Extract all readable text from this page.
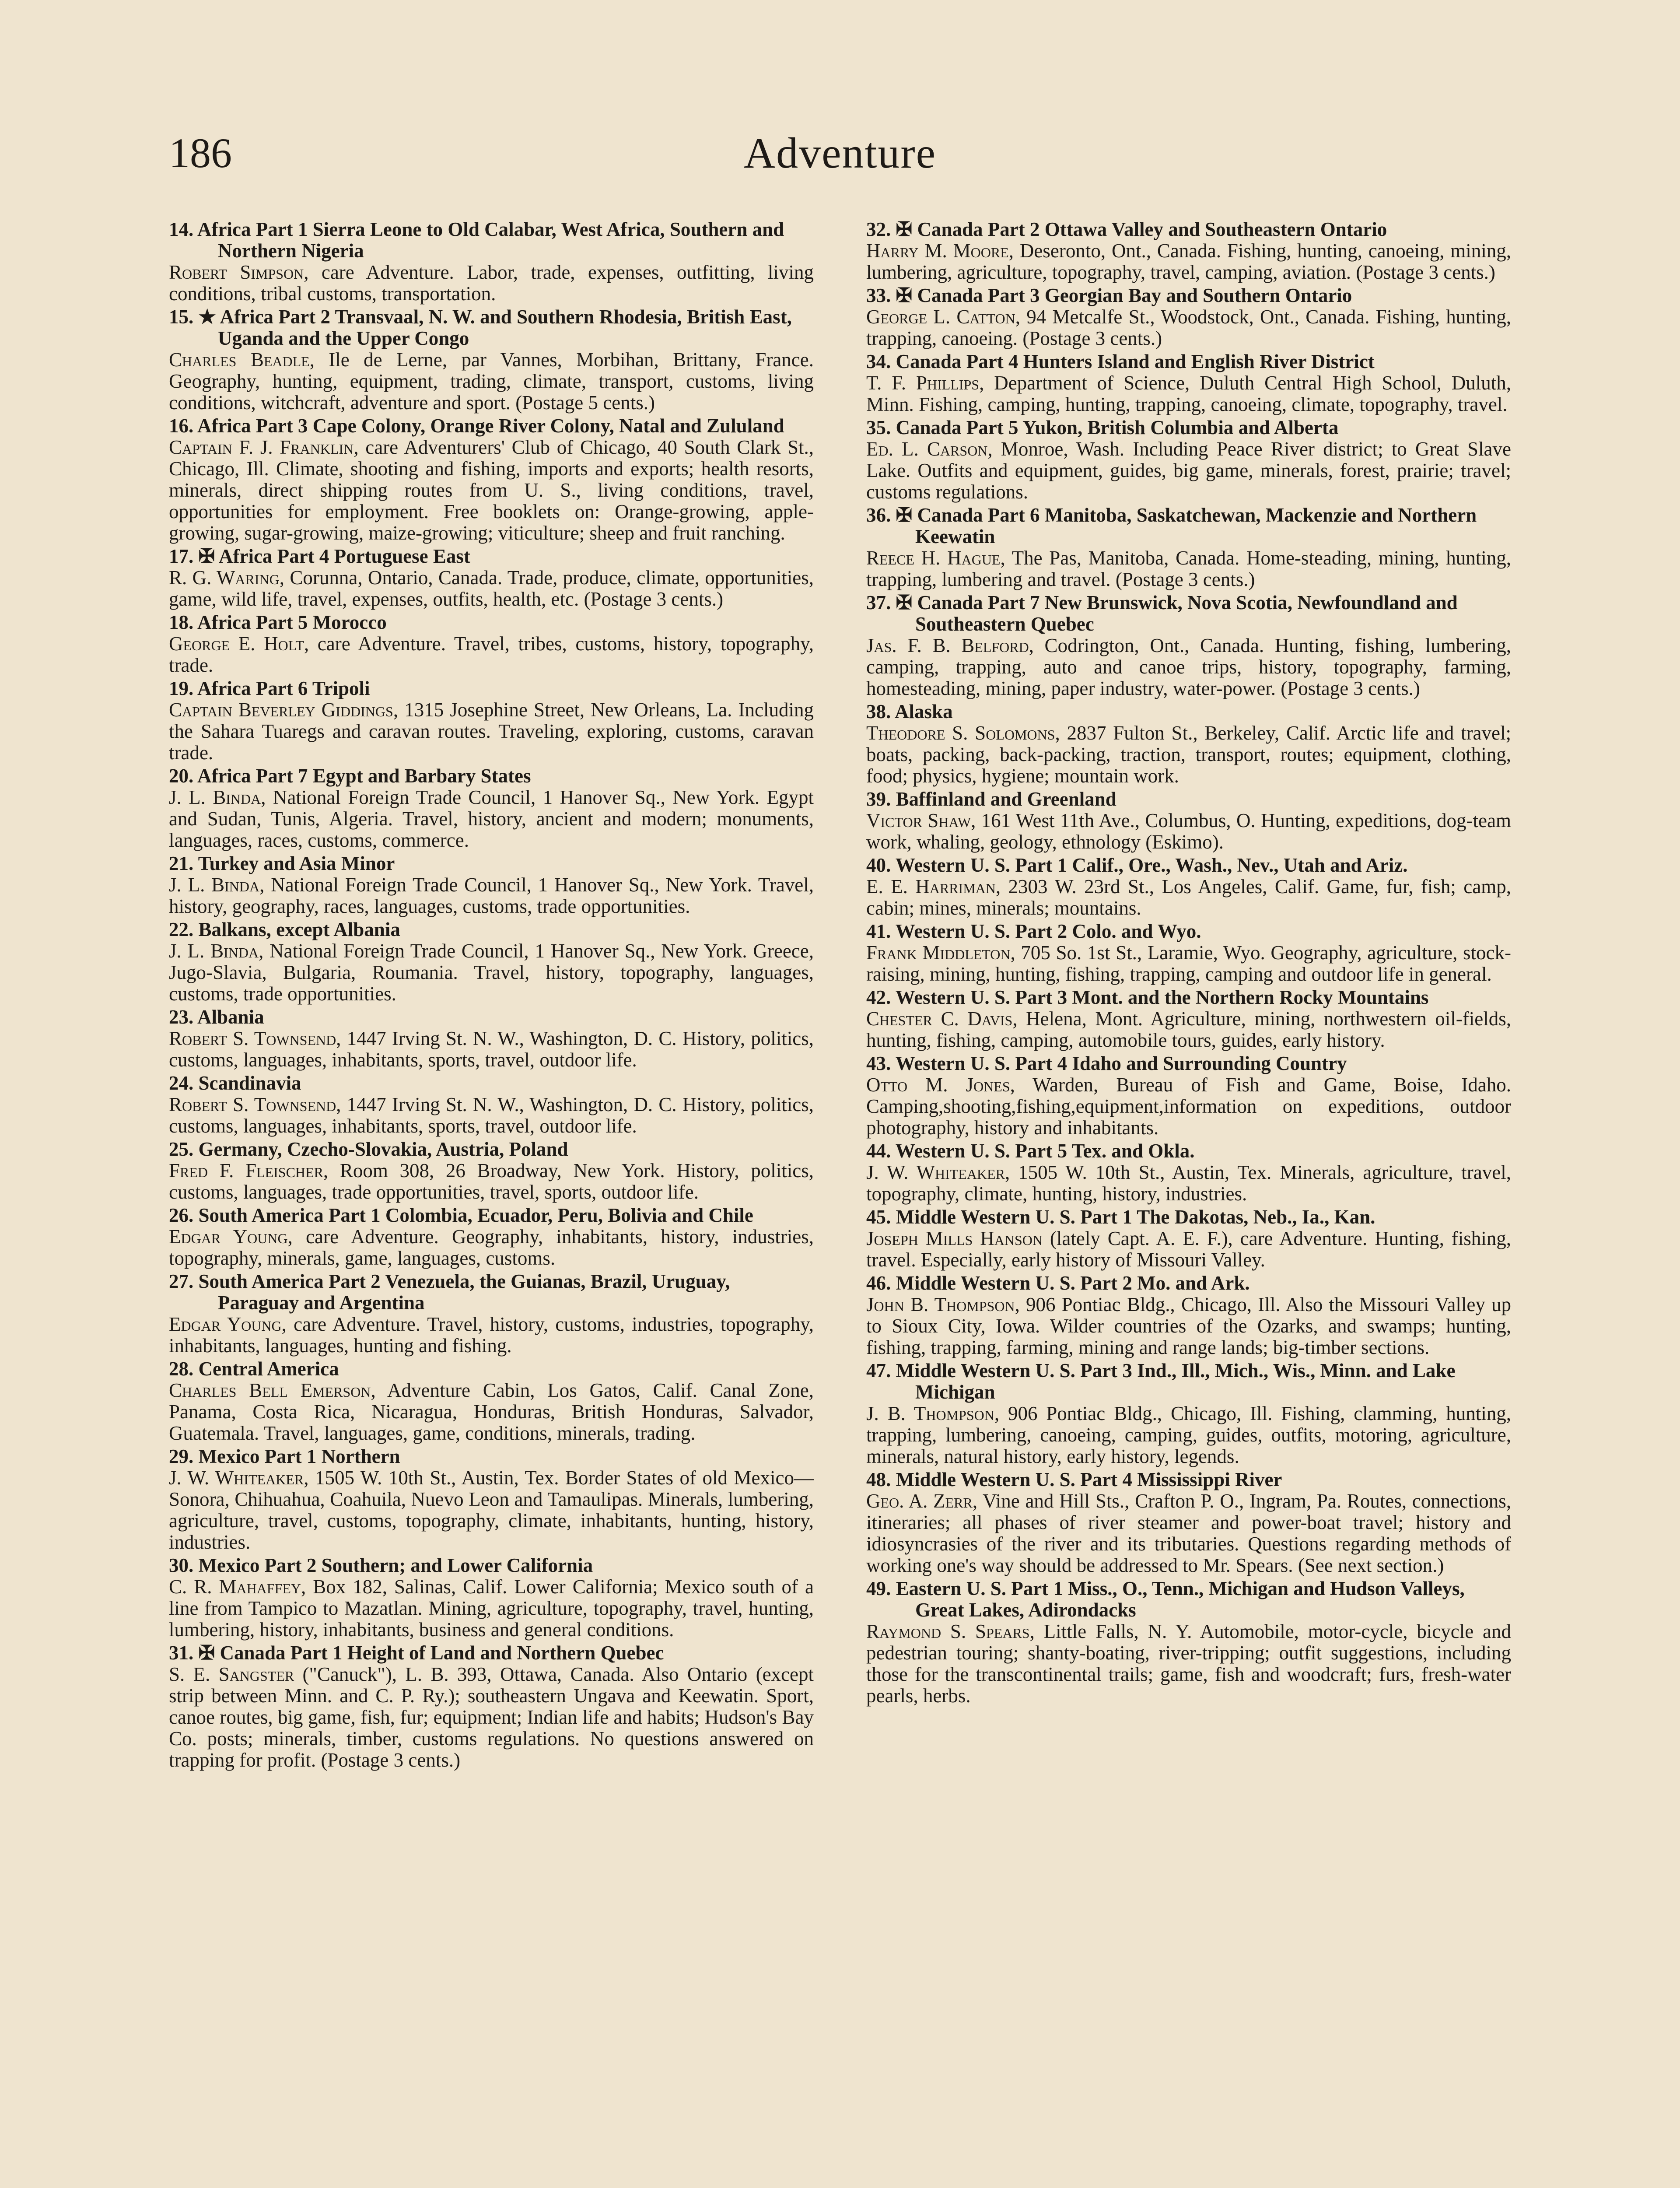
186	Adventure
14. Africa Part 1 Sierra Leone to Old Calabar, West Africa, Southern and Northern Nigeria
Robert Simpson, care Adventure. Labor, trade, expenses, outfitting, living conditions, tribal customs, transportation.
15. ★ Africa Part 2 Transvaal, N. W. and Southern Rhodesia, British East, Uganda and the Upper Congo
Charles Beadle, Ile de Lerne, par Vannes, Morbihan, Brittany, France. Geography, hunting, equipment, trading, climate, transport, customs, living conditions, witchcraft, adventure and sport. (Postage 5 cents.)
16. Africa Part 3 Cape Colony, Orange River Colony, Natal and Zululand
Captain F. J. Franklin, care Adventurers' Club of Chicago, 40 South Clark St., Chicago, Ill. Climate, shooting and fishing, imports and exports; health resorts, minerals, direct shipping routes from U. S., living conditions, travel, opportunities for employment. Free booklets on: Orange-growing, apple-growing, sugar-growing, maize-growing; viticulture; sheep and fruit ranching.
17. ✠ Africa Part 4 Portuguese East
R. G. Waring, Corunna, Ontario, Canada. Trade, produce, climate, opportunities, game, wild life, travel, expenses, outfits, health, etc. (Postage 3 cents.)
18. Africa Part 5 Morocco
George E. Holt, care Adventure. Travel, tribes, customs, history, topography, trade.
19. Africa Part 6 Tripoli
Captain Beverley Giddings, 1315 Josephine Street, New Orleans, La. Including the Sahara Tuaregs and caravan routes. Traveling, exploring, customs, caravan trade.
20. Africa Part 7 Egypt and Barbary States
J. L. Binda, National Foreign Trade Council, 1 Hanover Sq., New York. Egypt and Sudan, Tunis, Algeria. Travel, history, ancient and modern; monuments, languages, races, customs, commerce.
21. Turkey and Asia Minor
J. L. Binda, National Foreign Trade Council, 1 Hanover Sq., New York. Travel, history, geography, races, languages, customs, trade opportunities.
22. Balkans, except Albania
J. L. Binda, National Foreign Trade Council, 1 Hanover Sq., New York. Greece, Jugo-Slavia, Bulgaria, Roumania. Travel, history, topography, languages, customs, trade opportunities.
23. Albania
Robert S. Townsend, 1447 Irving St. N. W., Washington, D. C. History, politics, customs, languages, inhabitants, sports, travel, outdoor life.
24. Scandinavia
Robert S. Townsend, 1447 Irving St. N. W., Washington, D. C. History, politics, customs, languages, inhabitants, sports, travel, outdoor life.
25. Germany, Czecho-Slovakia, Austria, Poland
Fred F. Fleischer, Room 308, 26 Broadway, New York. History, politics, customs, languages, trade opportunities, travel, sports, outdoor life.
26. South America Part 1 Colombia, Ecuador, Peru, Bolivia and Chile
Edgar Young, care Adventure. Geography, inhabitants, history, industries, topography, minerals, game, languages, customs.
27. South America Part 2 Venezuela, the Guianas, Brazil, Uruguay, Paraguay and Argentina
Edgar Young, care Adventure. Travel, history, customs, industries, topography, inhabitants, languages, hunting and fishing.
28. Central America
Charles Bell Emerson, Adventure Cabin, Los Gatos, Calif. Canal Zone, Panama, Costa Rica, Nicaragua, Honduras, British Honduras, Salvador, Guatemala. Travel, languages, game, conditions, minerals, trading.
29. Mexico Part 1 Northern
J. W. Whiteaker, 1505 W. 10th St., Austin, Tex. Border States of old Mexico—Sonora, Chihuahua, Coahuila, Nuevo Leon and Tamaulipas. Minerals, lumbering, agriculture, travel, customs, topography, climate, inhabitants, hunting, history, industries.
30. Mexico Part 2 Southern; and Lower California
C. R. Mahaffey, Box 182, Salinas, Calif. Lower California; Mexico south of a line from Tampico to Mazatlan. Mining, agriculture, topography, travel, hunting, lumbering, history, inhabitants, business and general conditions.
31. ✠ Canada Part 1 Height of Land and Northern Quebec
S. E. Sangster ("Canuck"), L. B. 393, Ottawa, Canada. Also Ontario (except strip between Minn. and C. P. Ry.); southeastern Ungava and Keewatin. Sport, canoe routes, big game, fish, fur; equipment; Indian life and habits; Hudson's Bay Co. posts; minerals, timber, customs regulations. No questions answered on trapping for profit. (Postage 3 cents.)
32. ✠ Canada Part 2 Ottawa Valley and Southeastern Ontario
Harry M. Moore, Deseronto, Ont., Canada. Fishing, hunting, canoeing, mining, lumbering, agriculture, topography, travel, camping, aviation. (Postage 3 cents.)
33. ✠ Canada Part 3 Georgian Bay and Southern Ontario
George L. Catton, 94 Metcalfe St., Woodstock, Ont., Canada. Fishing, hunting, trapping, canoeing. (Postage 3 cents.)
34. Canada Part 4 Hunters Island and English River District
T. F. Phillips, Department of Science, Duluth Central High School, Duluth, Minn. Fishing, camping, hunting, trapping, canoeing, climate, topography, travel.
35. Canada Part 5 Yukon, British Columbia and Alberta
Ed. L. Carson, Monroe, Wash. Including Peace River district; to Great Slave Lake. Outfits and equipment, guides, big game, minerals, forest, prairie; travel; customs regulations.
36. ✠ Canada Part 6 Manitoba, Saskatchewan, Mackenzie and Northern Keewatin
Reece H. Hague, The Pas, Manitoba, Canada. Home-steading, mining, hunting, trapping, lumbering and travel. (Postage 3 cents.)
37. ✠ Canada Part 7 New Brunswick, Nova Scotia, Newfoundland and Southeastern Quebec
Jas. F. B. Belford, Codrington, Ont., Canada. Hunting, fishing, lumbering, camping, trapping, auto and canoe trips, history, topography, farming, homesteading, mining, paper industry, water-power. (Postage 3 cents.)
38. Alaska
Theodore S. Solomons, 2837 Fulton St., Berkeley, Calif. Arctic life and travel; boats, packing, back-packing, traction, transport, routes; equipment, clothing, food; physics, hygiene; mountain work.
39. Baffinland and Greenland
Victor Shaw, 161 West 11th Ave., Columbus, O. Hunting, expeditions, dog-team work, whaling, geology, ethnology (Eskimo).
40. Western U. S. Part 1 Calif., Ore., Wash., Nev., Utah and Ariz.
E. E. Harriman, 2303 W. 23rd St., Los Angeles, Calif. Game, fur, fish; camp, cabin; mines, minerals; mountains.
41. Western U. S. Part 2 Colo. and Wyo.
Frank Middleton, 705 So. 1st St., Laramie, Wyo. Geography, agriculture, stock-raising, mining, hunting, fishing, trapping, camping and outdoor life in general.
42. Western U. S. Part 3 Mont. and the Northern Rocky Mountains
Chester C. Davis, Helena, Mont. Agriculture, mining, northwestern oil-fields, hunting, fishing, camping, automobile tours, guides, early history.
43. Western U. S. Part 4 Idaho and Surrounding Country
Otto M. Jones, Warden, Bureau of Fish and Game, Boise, Idaho. Camping,shooting,fishing,equipment,information on expeditions, outdoor photography, history and inhabitants.
44. Western U. S. Part 5 Tex. and Okla.
J. W. Whiteaker, 1505 W. 10th St., Austin, Tex. Minerals, agriculture, travel, topography, climate, hunting, history, industries.
45. Middle Western U. S. Part 1 The Dakotas, Neb., Ia., Kan.
Joseph Mills Hanson (lately Capt. A. E. F.), care Adventure. Hunting, fishing, travel. Especially, early history of Missouri Valley.
46. Middle Western U. S. Part 2 Mo. and Ark.
John B. Thompson, 906 Pontiac Bldg., Chicago, Ill. Also the Missouri Valley up to Sioux City, Iowa. Wilder countries of the Ozarks, and swamps; hunting, fishing, trapping, farming, mining and range lands; big-timber sections.
47. Middle Western U. S. Part 3 Ind., Ill., Mich., Wis., Minn. and Lake Michigan
J. B. Thompson, 906 Pontiac Bldg., Chicago, Ill. Fishing, clamming, hunting, trapping, lumbering, canoeing, camping, guides, outfits, motoring, agriculture, minerals, natural history, early history, legends.
48. Middle Western U. S. Part 4 Mississippi River
Geo. A. Zerr, Vine and Hill Sts., Crafton P. O., Ingram, Pa. Routes, connections, itineraries; all phases of river steamer and power-boat travel; history and idiosyncrasies of the river and its tributaries. Questions regarding methods of working one's way should be addressed to Mr. Spears. (See next section.)
49. Eastern U. S. Part 1 Miss., O., Tenn., Michigan and Hudson Valleys, Great Lakes, Adirondacks
Raymond S. Spears, Little Falls, N. Y. Automobile, motor-cycle, bicycle and pedestrian touring; shanty-boating, river-tripping; outfit suggestions, including those for the transcontinental trails; game, fish and woodcraft; furs, fresh-water pearls, herbs.
